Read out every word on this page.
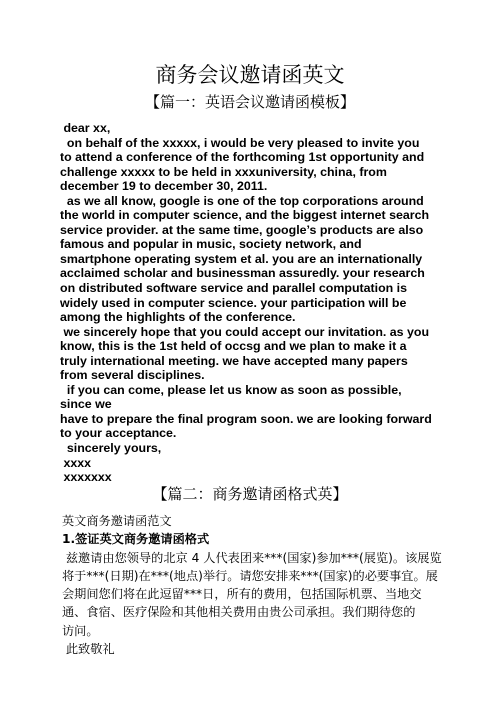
商务会议邀请函英文
【篇一：英语会议邀请函模板】
dear xx,
on behalf of the xxxxx, i would be very pleased to invite you
to attend a conference of the forthcoming 1st opportunity and
challenge xxxxx to be held in xxxuniversity, china, from
december 19 to december 30, 2011.
as we all know, google is one of the top corporations around
the world in computer science, and the biggest internet search
service provider. at the same time, google’s products are also
famous and popular in music, society network, and
smartphone operating system et al. you are an internationally
acclaimed scholar and businessman assuredly. your research
on distributed software service and parallel computation is
widely used in computer science. your participation will be
among the highlights of the conference.
we sincerely hope that you could accept our invitation. as you
know, this is the 1st held of occsg and we plan to make it a
truly international meeting. we have accepted many papers
from several disciplines.
if you can come, please let us know as soon as possible,
since we
have to prepare the final program soon. we are looking forward
to your acceptance.
sincerely yours,
xxxx
xxxxxxx
【篇二：商务邀请函格式英】
英文商务邀请函范文
1.签证英文商务邀请函格式
兹邀请由您领导的北京 4 人代表团来***(国家)参加***(展览)。该展览
将于***(日期)在***(地点)举行。请您安排来***(国家)的必要事宜。展
会期间您们将在此逗留***日，所有的费用，包括国际机票、当地交
通、食宿、医疗保险和其他相关费用由贵公司承担。我们期待您的
访问。
此致敬礼
